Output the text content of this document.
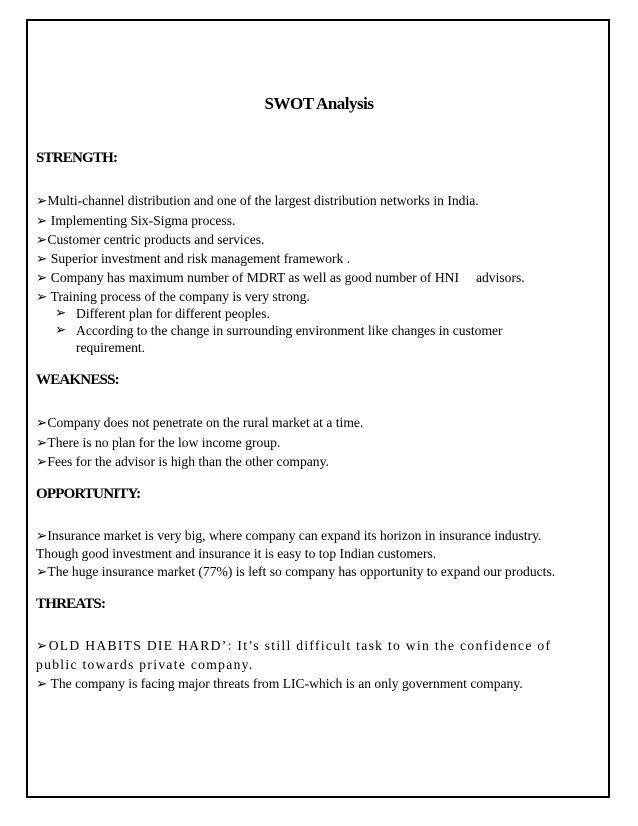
SWOT Analysis
STRENGTH:
➢Multi-channel distribution and one of the largest distribution networks in India.
➢ Implementing Six-Sigma process.
➢Customer centric products and services.
➢ Superior investment and risk management framework .
➢ Company has maximum number of MDRT as well as good number of HNI     advisors.
➢ Training process of the company is very strong.
➢ Different plan for different peoples.
➢ According to the change in surrounding environment like changes in customer
requirement.
WEAKNESS:
➢Company does not penetrate on the rural market at a time.
➢There is no plan for the low income group.
➢Fees for the advisor is high than the other company.
OPPORTUNITY:
➢Insurance market is very big, where company can expand its horizon in insurance industry.
Though good investment and insurance it is easy to top Indian customers.
➢The huge insurance market (77%) is left so company has opportunity to expand our products.
THREATS:
➢OLD HABITS DIE HARD’: It’s still difficult task to win the confidence of
public towards private company.
➢ The company is facing major threats from LIC-which is an only government company.
